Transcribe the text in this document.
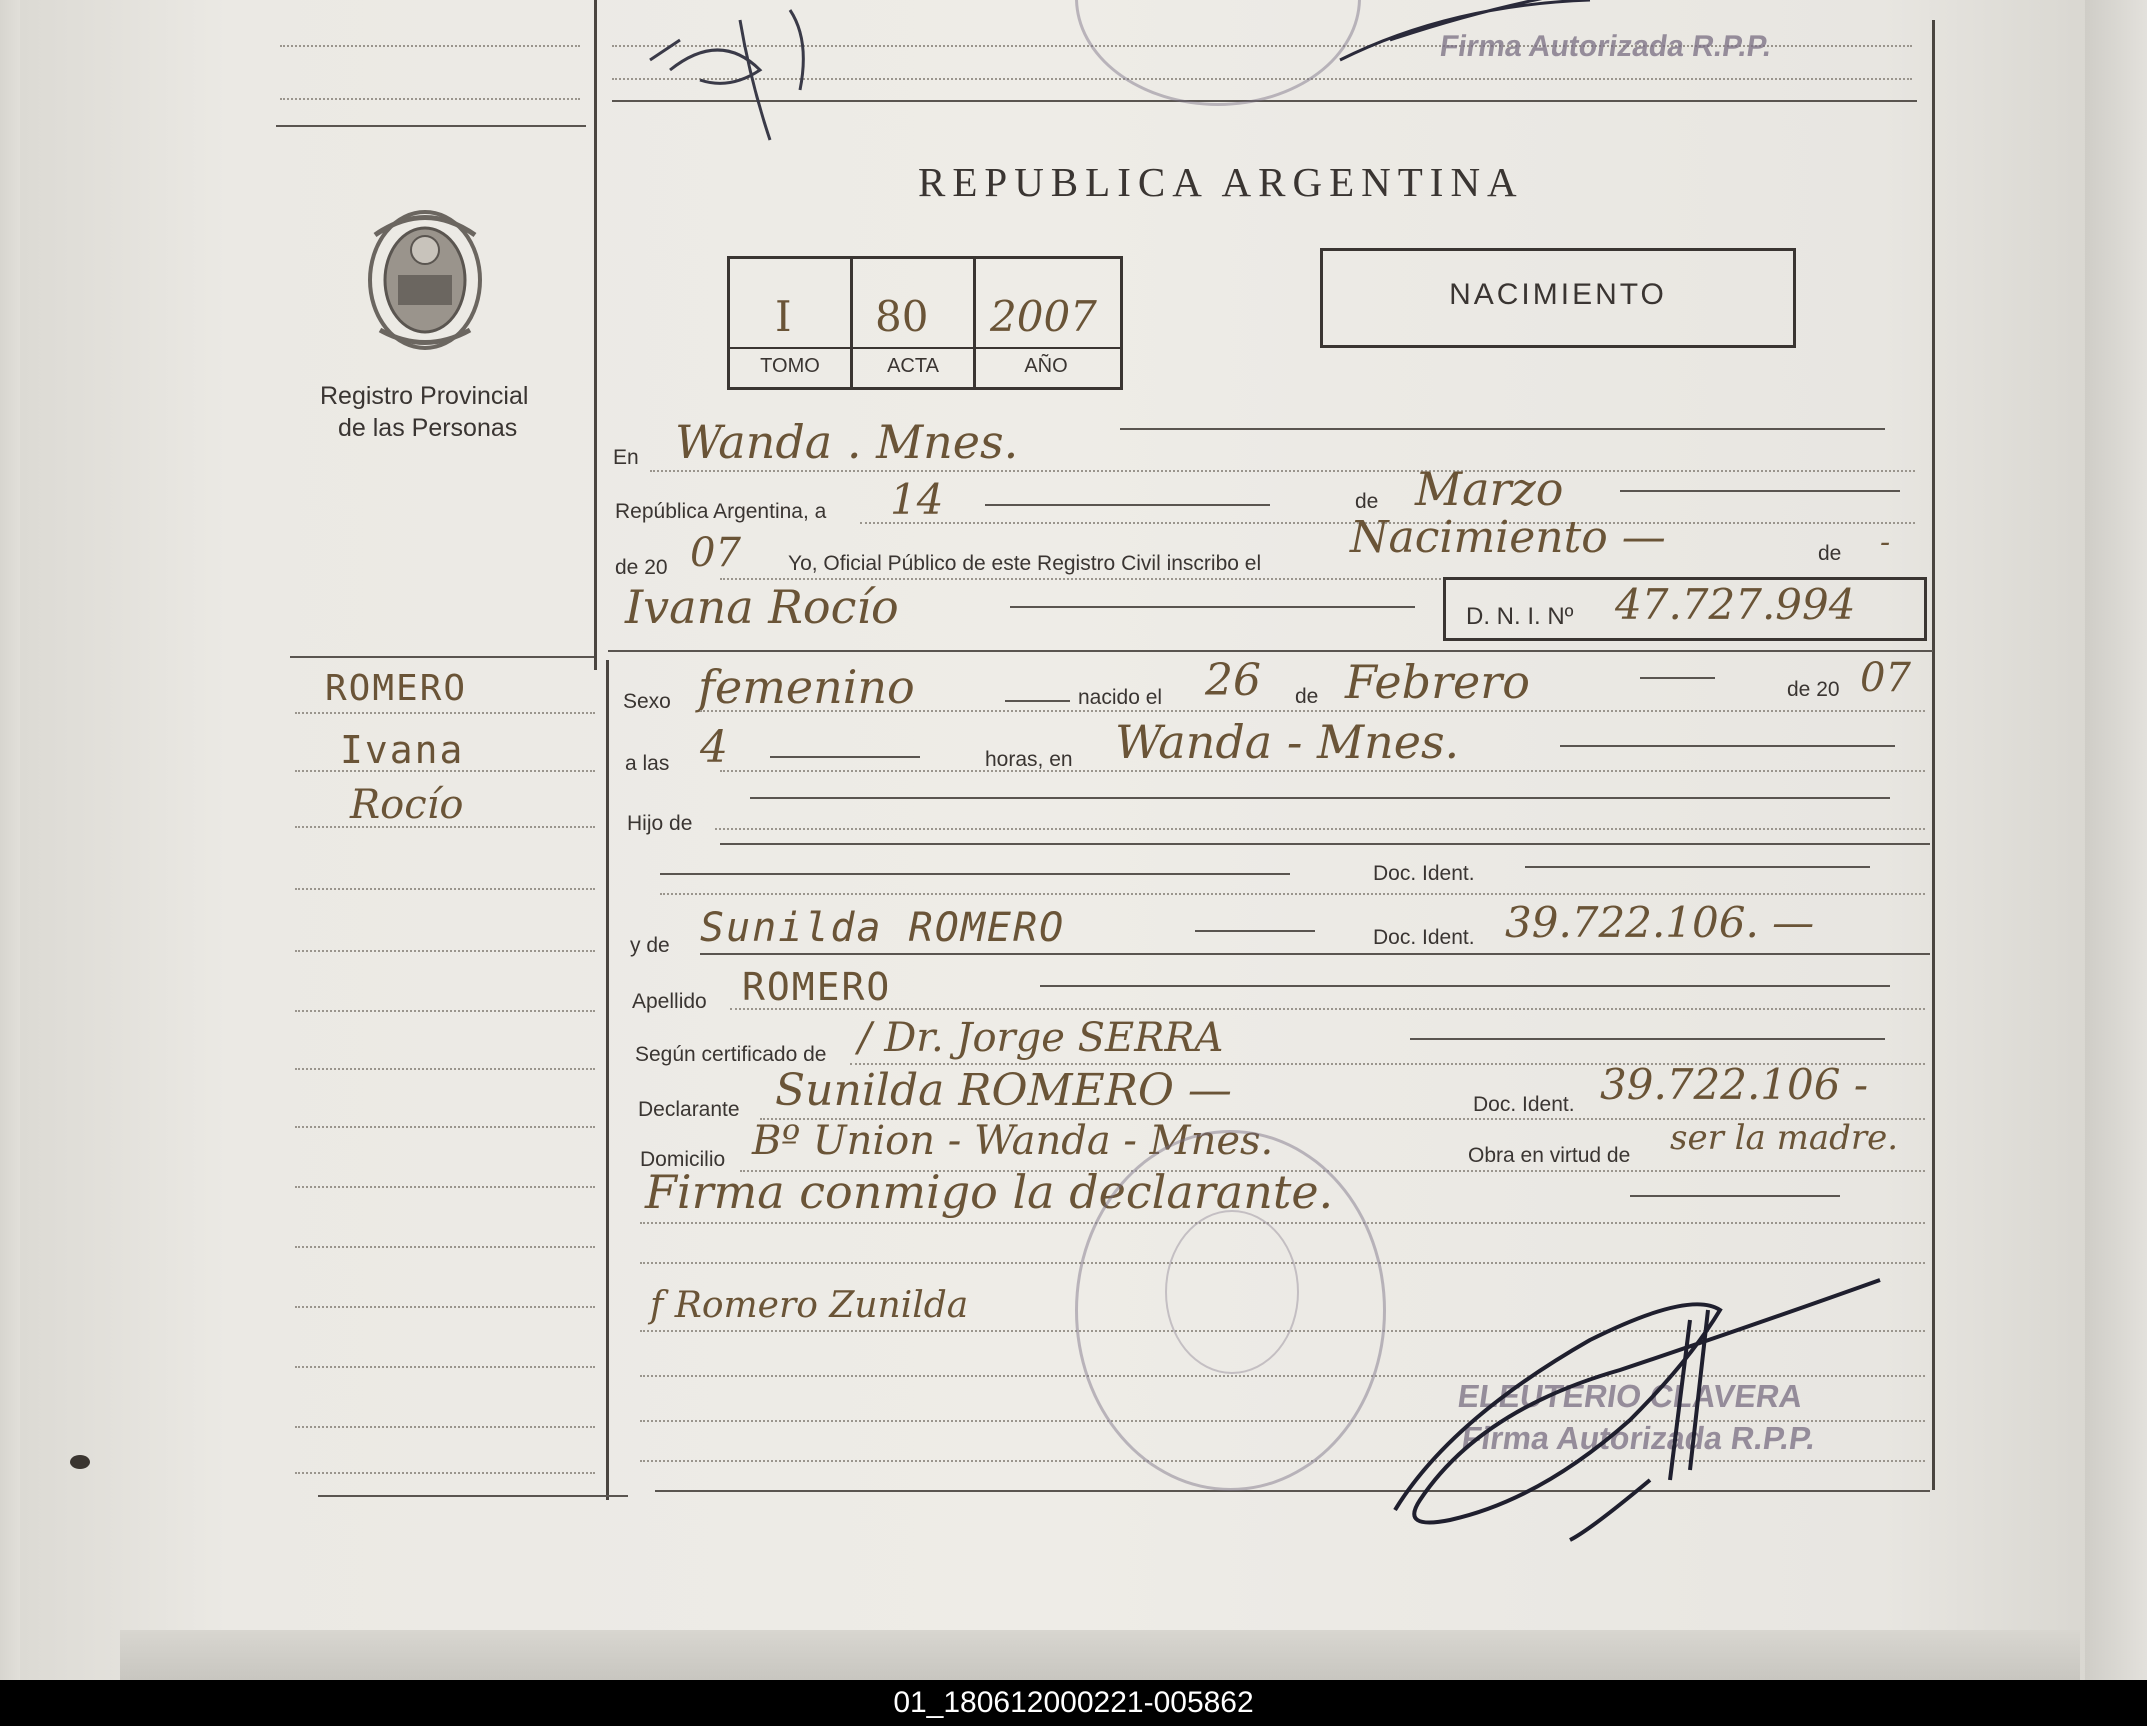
Firma Autorizada R.P.P.
Registro Provincial
de las Personas
REPUBLICA ARGENTINA
I 80 2007
TOMO	ACTA	AÑO
NACIMIENTO
ROMERO
Ivana
Rocío
En Wanda . Mnes.
República Argentina, a 14	de Marzo
de 20 07 Yo, Oficial Público de este Registro Civil inscribo el
Nacimiento —	de -
Ivana Rocío	D. N. I. Nº 47.727.994
Sexo femenino	nacido el 26 de Febrero	de 20 07
a las 4	horas, en Wanda - Mnes.
Hijo de
Doc. Ident.
y de Sunilda ROMERO	Doc. Ident. 39.722.106. —
Apellido ROMERO
Según certificado de / Dr. Jorge SERRA
Declarante Sunilda ROMERO —	Doc. Ident. 39.722.106 -
Domicilio Bº Union - Wanda - Mnes.	Obra en virtud de ser la madre.
Firma conmigo la declarante.
f Romero Zunilda
ELEUTERIO CLAVERA
Firma Autorizada R.P.P.
01_180612000221-005862
